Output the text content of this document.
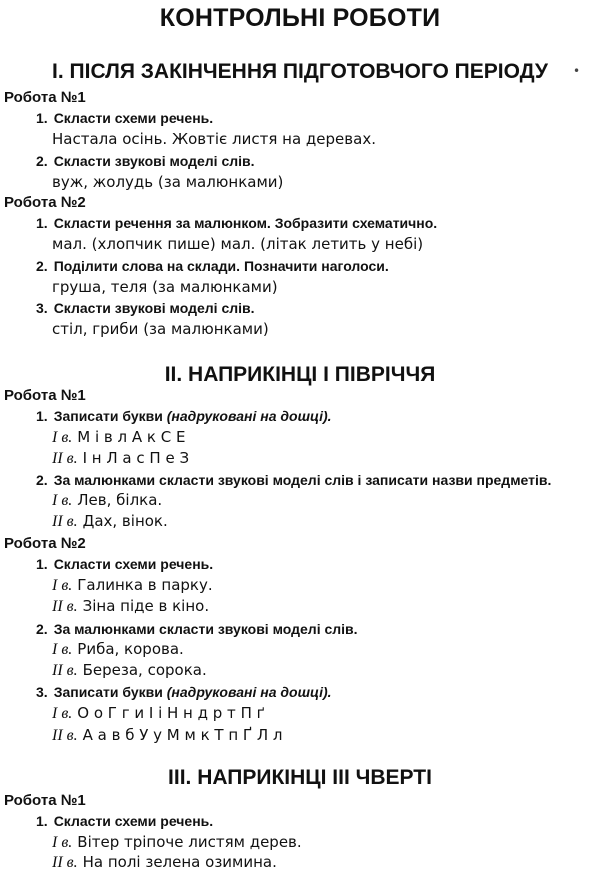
КОНТРОЛЬНІ РОБОТИ
І. ПІСЛЯ ЗАКІНЧЕННЯ ПІДГОТОВЧОГО ПЕРІОДУ	•
Робота №1
1. Скласти схеми речень.
Настала осінь. Жовтіє листя на деревах.
2. Скласти звукові моделі слів.
вуж, жолудь (за малюнками)
Робота №2
1. Скласти речення за малюнком. Зобразити схематично.
мал. (хлопчик пише) мал. (літак летить у небі)
2. Поділити слова на склади. Позначити наголоси.
груша, теля (за малюнками)
3. Скласти звукові моделі слів.
стіл, гриби (за малюнками)
ІІ. НАПРИКІНЦІ І ПІВРІЧЧЯ
Робота №1
1. Записати букви (надруковані на дошці).
І в. М і в л А к С Е
ІІ в. І н Л а с П е З
2. За малюнками скласти звукові моделі слів і записати назви предметів.
І в. Лев, білка.
ІІ в. Дах, вінок.
Робота №2
1. Скласти схеми речень.
І в. Галинка в парку.
ІІ в. Зіна піде в кіно.
2. За малюнками скласти звукові моделі слів.
І в. Риба, корова.
ІІ в. Береза, сорока.
3. Записати букви (надруковані на дошці).
І в. О о Г г и І і Н н д р т П ґ
ІІ в. А а в б У у М м к Т п Ґ Л л
ІІІ. НАПРИКІНЦІ ІІІ ЧВЕРТІ
Робота №1
1. Скласти схеми речень.
І в. Вітер тріпоче листям дерев.
ІІ в. На полі зелена озимина.
